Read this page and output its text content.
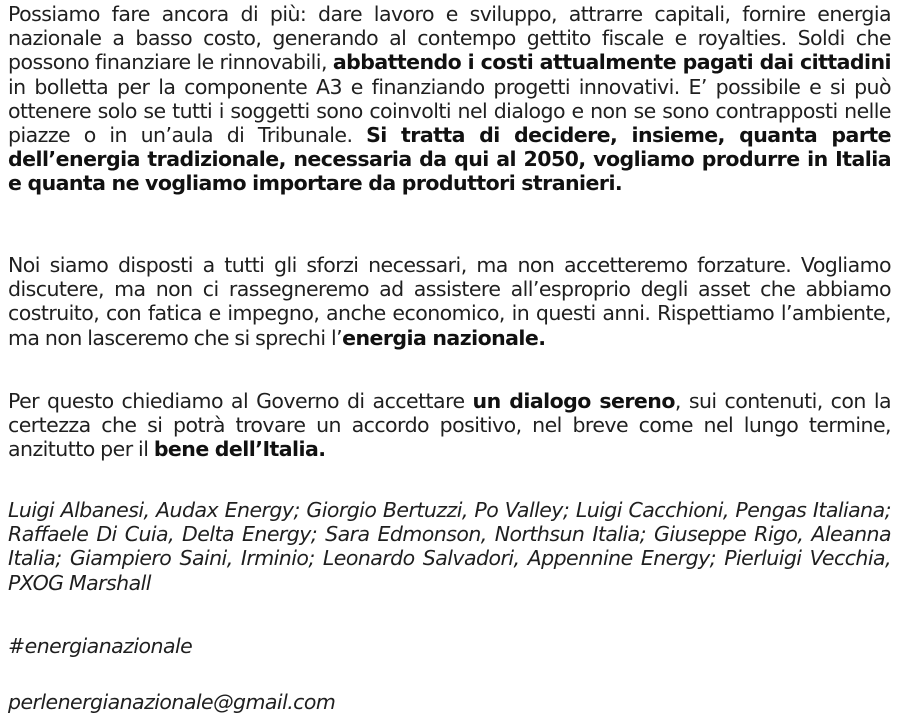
Possiamo fare ancora di più: dare lavoro e sviluppo, attrarre capitali, fornire energia nazionale a basso costo, generando al contempo gettito fiscale e royalties. Soldi che possono finanziare le rinnovabili, abbattendo i costi attualmente pagati dai cittadini in bolletta per la componente A3 e finanziando progetti innovativi. E’ possibile e si può ottenere solo se tutti i soggetti sono coinvolti nel dialogo e non se sono contrapposti nelle piazze o in un’aula di Tribunale. Si tratta di decidere, insieme, quanta parte dell’energia tradizionale, necessaria da qui al 2050, vogliamo produrre in Italia e quanta ne vogliamo importare da produttori stranieri.

Noi siamo disposti a tutti gli sforzi necessari, ma non accetteremo forzature. Vogliamo discutere, ma non ci rassegneremo ad assistere all’esproprio degli asset che abbiamo costruito, con fatica e impegno, anche economico, in questi anni. Rispettiamo l’ambiente, ma non lasceremo che si sprechi l’energia nazionale.

Per questo chiediamo al Governo di accettare un dialogo sereno, sui contenuti, con la certezza che si potrà trovare un accordo positivo, nel breve come nel lungo termine, anzitutto per il bene dell’Italia.

Luigi Albanesi, Audax Energy; Giorgio Bertuzzi, Po Valley; Luigi Cacchioni, Pengas Italiana; Raffaele Di Cuia, Delta Energy; Sara Edmonson, Northsun Italia; Giuseppe Rigo, Aleanna Italia; Giampiero Saini, Irminio; Leonardo Salvadori, Appennine Energy; Pierluigi Vecchia, PXOG Marshall

#energianazionale

perlenergianazionale@gmail.com
